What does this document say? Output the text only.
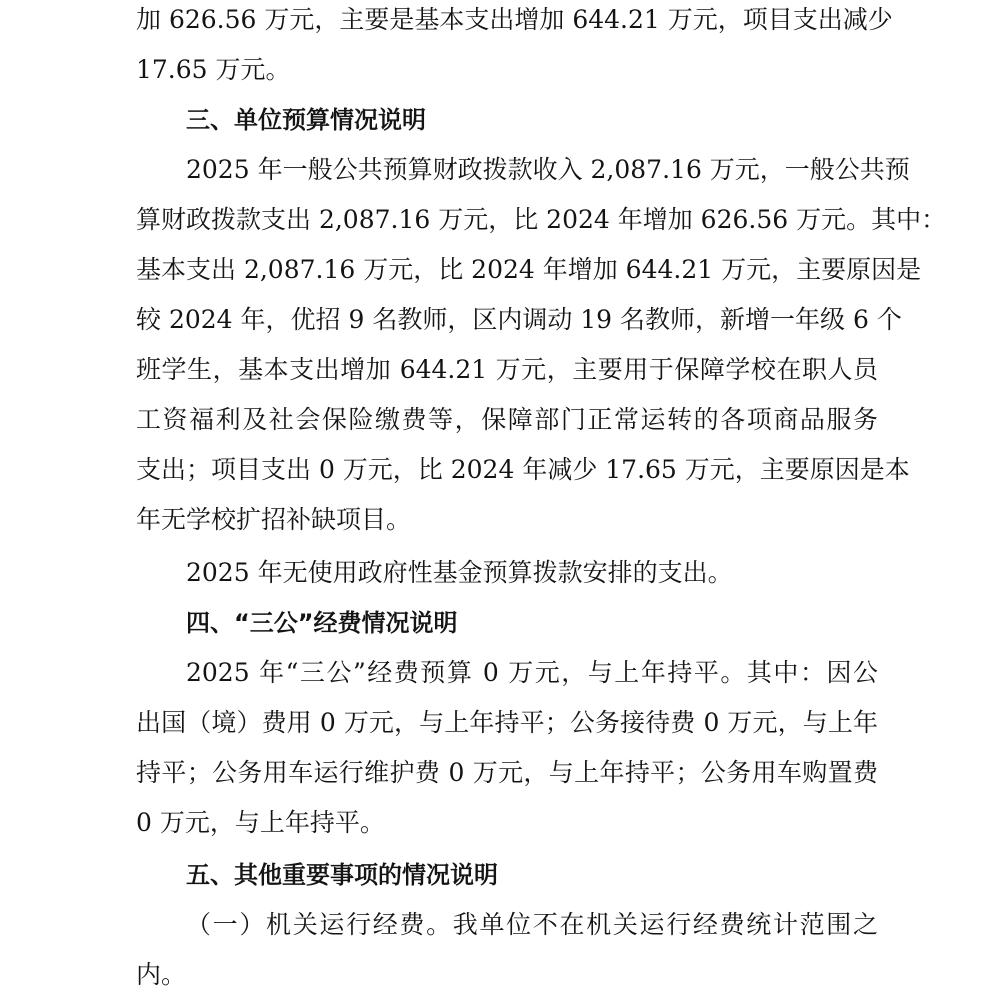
加 626.56 万元，主要是基本支出增加 644.21 万元，项目支出减少
17.65 万元。
三、单位预算情况说明
2025 年一般公共预算财政拨款收入 2,087.16 万元，一般公共预
算财政拨款支出 2,087.16 万元，比 2024 年增加 626.56 万元。其中：
基本支出 2,087.16 万元，比 2024 年增加 644.21 万元，主要原因是
较 2024 年，优招 9 名教师，区内调动 19 名教师，新增一年级 6 个
班学生，基本支出增加 644.21 万元，主要用于保障学校在职人员
工资福利及社会保险缴费等，保障部门正常运转的各项商品服务
支出；项目支出 0 万元，比 2024 年减少 17.65 万元，主要原因是本
年无学校扩招补缺项目。
2025 年无使用政府性基金预算拨款安排的支出。
四、“三公”经费情况说明
2025 年“三公”经费预算 0 万元，与上年持平。其中：因公
出国（境）费用 0 万元，与上年持平；公务接待费 0 万元，与上年
持平；公务用车运行维护费 0 万元，与上年持平；公务用车购置费
0 万元，与上年持平。
五、其他重要事项的情况说明
（一）机关运行经费。我单位不在机关运行经费统计范围之
内。
